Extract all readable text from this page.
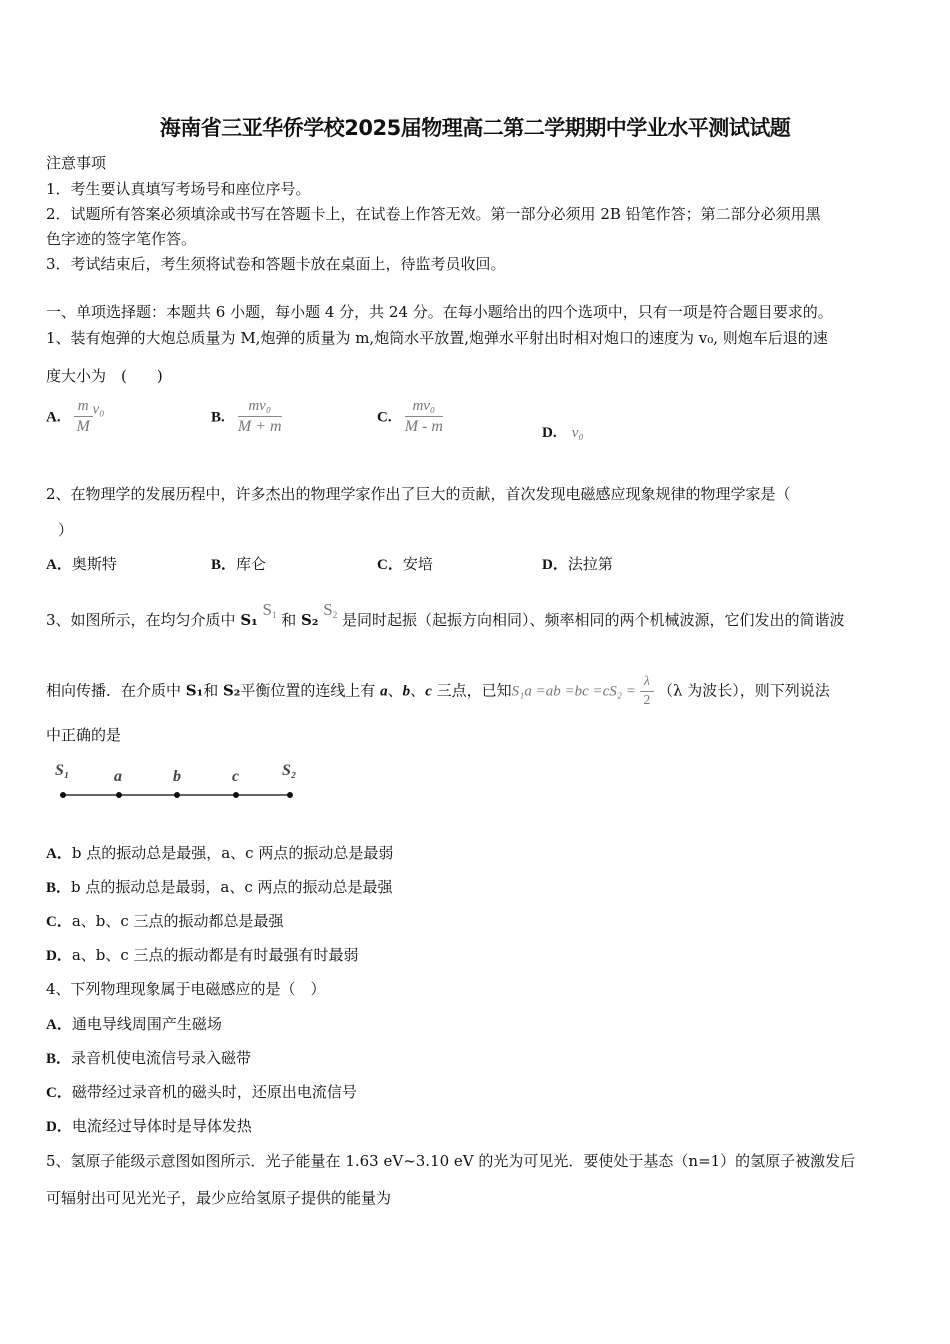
海南省三亚华侨学校2025届物理高二第二学期期中学业水平测试试题
注意事项
1．考生要认真填写考场号和座位序号。
2．试题所有答案必须填涂或书写在答题卡上，在试卷上作答无效。第一部分必须用 2B 铅笔作答；第二部分必须用黑
色字迹的签字笔作答。
3．考试结束后，考生须将试卷和答题卡放在桌面上，待监考员收回。
一、单项选择题：本题共 6 小题，每小题 4 分，共 24 分。在每小题给出的四个选项中，只有一项是符合题目要求的。
1、装有炮弹的大炮总质量为 M,炮弹的质量为 m,炮筒水平放置,炮弹水平射出时相对炮口的速度为 v₀, 则炮车后退的速
度大小为　(　　)
A. $\frac{m}{M} v_0$	B. $\frac{\text{mv₀}}{M + m}$	C. $\frac{\text{mv₀}}{M - m}$	D. v₀
2、在物理学的发展历程中，许多杰出的物理学家作出了巨大的贡献，首次发现电磁感应现象规律的物理学家是（
）
A．奥斯特	B．库仑	C．安培	D．法拉第
3、如图所示，在均匀介质中 S₁ $S_1$ 和 S₂ $S_2$ 是同时起振（起振方向相同）、频率相同的两个机械波源，它们发出的简谐波
相向传播．在介质中 S₁和 S₂平衡位置的连线上有 a、b、c 三点，已知$S_1a =ab =bc =cS_2 = \frac{\lambda}{2} (\lambda$ 为波长），则下列说法
中正确的是
S₁	a	b	c	S₂
A．b 点的振动总是最强，a、c 两点的振动总是最弱
B．b 点的振动总是最弱，a、c 两点的振动总是最强
C．a、b、c 三点的振动都总是最强
D．a、b、c 三点的振动都是有时最强有时最弱
4、下列物理现象属于电磁感应的是（　）
A．通电导线周围产生磁场
B．录音机使电流信号录入磁带
C．磁带经过录音机的磁头时，还原出电流信号
D．电流经过导体时是导体发热
5、氢原子能级示意图如图所示．光子能量在 1.63 eV~3.10 eV 的光为可见光．要使处于基态（n=1）的氢原子被激发后
可辐射出可见光光子，最少应给氢原子提供的能量为
